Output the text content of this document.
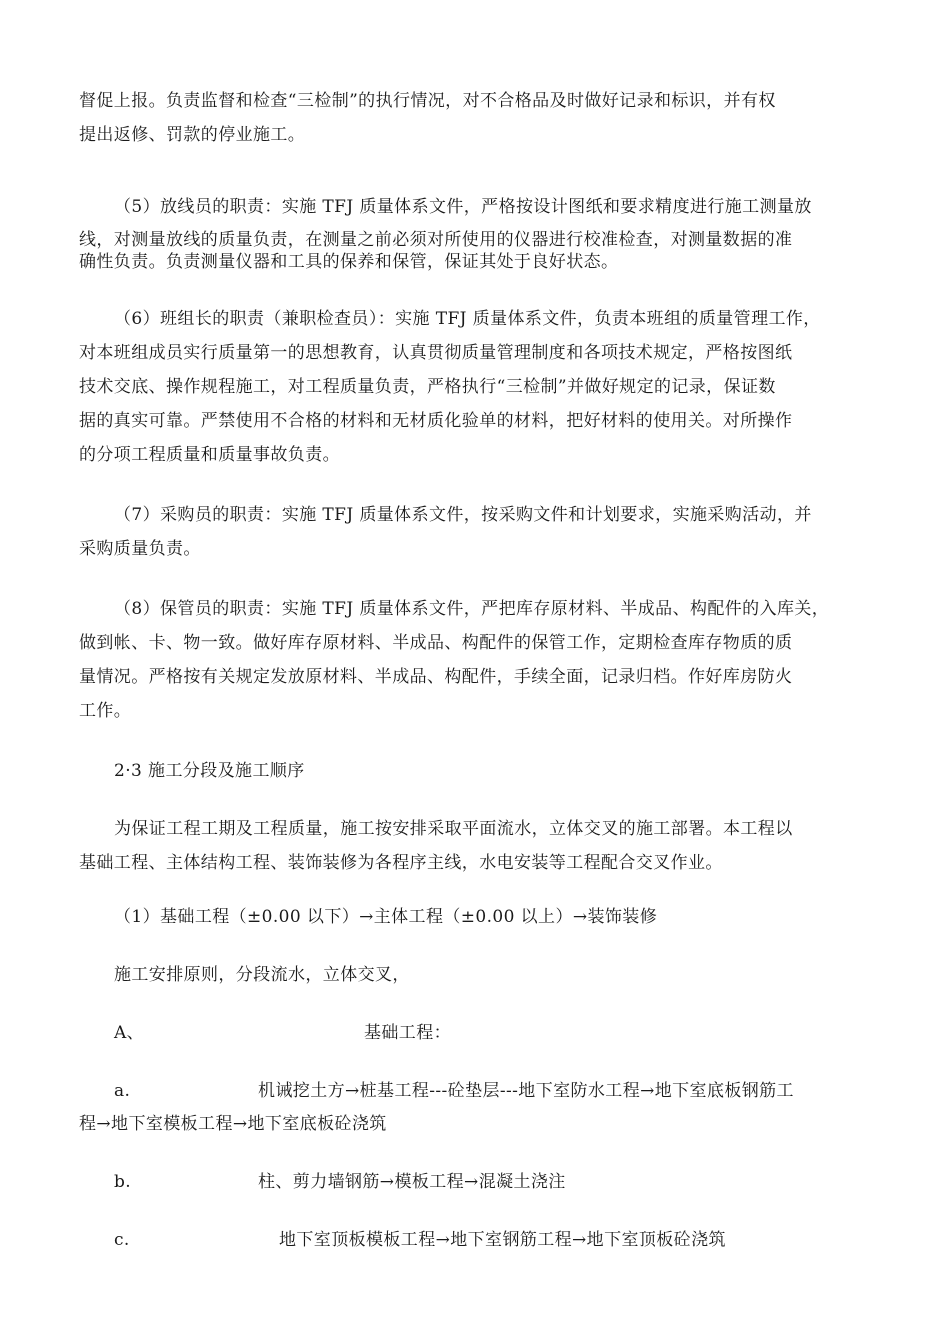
督促上报。负责监督和检查“三检制”的执行情况，对不合格品及时做好记录和标识，并有权
提出返修、罚款的停业施工。
（5）放线员的职责：实施 TFJ 质量体系文件，严格按设计图纸和要求精度进行施工测量放
线，对测量放线的质量负责，在测量之前必须对所使用的仪器进行校准检查，对测量数据的准
确性负责。负责测量仪器和工具的保养和保管，保证其处于良好状态。
（6）班组长的职责（兼职检查员）：实施 TFJ 质量体系文件，负责本班组的质量管理工作，
对本班组成员实行质量第一的思想教育，认真贯彻质量管理制度和各项技术规定，严格按图纸
技术交底、操作规程施工，对工程质量负责，严格执行“三检制”并做好规定的记录，保证数
据的真实可靠。严禁使用不合格的材料和无材质化验单的材料，把好材料的使用关。对所操作
的分项工程质量和质量事故负责。
（7）采购员的职责：实施 TFJ 质量体系文件，按采购文件和计划要求，实施采购活动，并
采购质量负责。
（8）保管员的职责：实施 TFJ 质量体系文件，严把库存原材料、半成品、构配件的入库关，
做到帐、卡、物一致。做好库存原材料、半成品、构配件的保管工作，定期检查库存物质的质
量情况。严格按有关规定发放原材料、半成品、构配件，手续全面，记录归档。作好库房防火
工作。
2·3 施工分段及施工顺序
为保证工程工期及工程质量，施工按安排采取平面流水，立体交叉的施工部署。本工程以
基础工程、主体结构工程、装饰装修为各程序主线，水电安装等工程配合交叉作业。
（1）基础工程（±0.00 以下）→主体工程（±0.00 以上）→装饰装修
施工安排原则，分段流水，立体交叉，
A、	基础工程：
a.	机诫挖土方→桩基工程---砼垫层---地下室防水工程→地下室底板钢筋工
程→地下室模板工程→地下室底板砼浇筑
b.	柱、剪力墙钢筋→模板工程→混凝土浇注
c.	地下室顶板模板工程→地下室钢筋工程→地下室顶板砼浇筑
